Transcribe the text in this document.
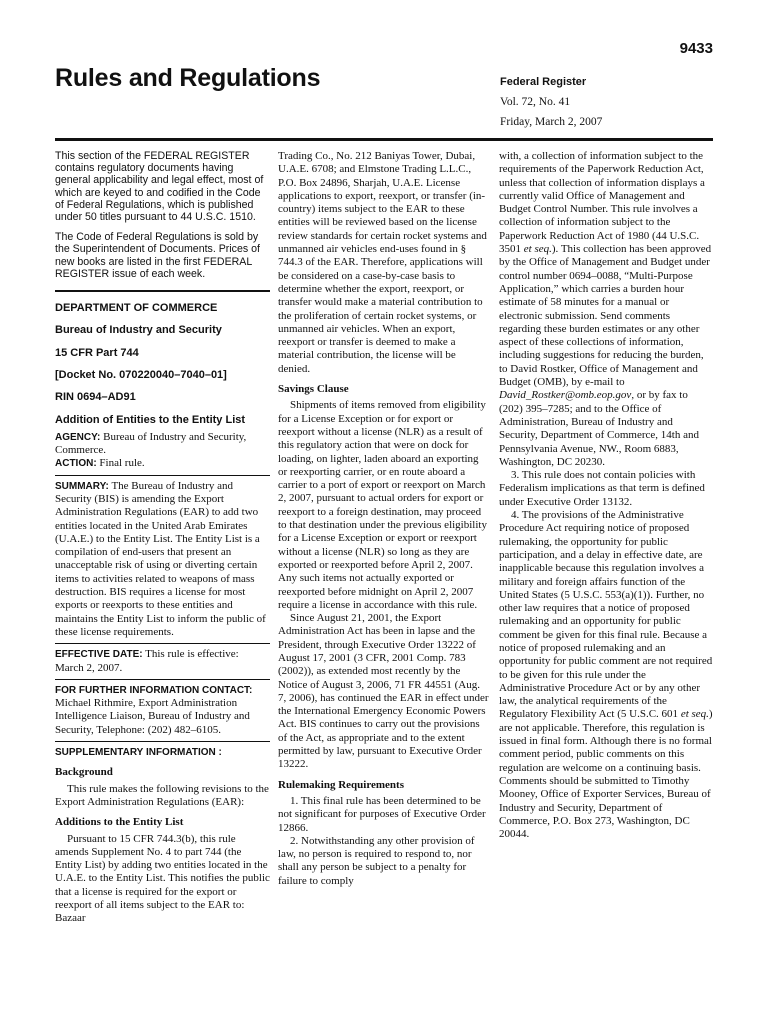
9433
Rules and Regulations	Federal Register
Vol. 72, No. 41
Friday, March 2, 2007

This section of the FEDERAL REGISTER contains regulatory documents having general applicability and legal effect, most of which are keyed to and codified in the Code of Federal Regulations, which is published under 50 titles pursuant to 44 U.S.C. 1510.

The Code of Federal Regulations is sold by the Superintendent of Documents. Prices of new books are listed in the first FEDERAL REGISTER issue of each week.

DEPARTMENT OF COMMERCE

Bureau of Industry and Security

15 CFR Part 744

[Docket No. 070220040–7040–01]

RIN 0694–AD91

Addition of Entities to the Entity List

AGENCY: Bureau of Industry and Security, Commerce.

ACTION: Final rule.

SUMMARY: The Bureau of Industry and Security (BIS) is amending the Export Administration Regulations (EAR) to add two entities located in the United Arab Emirates (U.A.E.) to the Entity List. The Entity List is a compilation of end-users that present an unacceptable risk of using or diverting certain items to activities related to weapons of mass destruction. BIS requires a license for most exports or reexports to these entities and maintains the Entity List to inform the public of these license requirements.

EFFECTIVE DATE: This rule is effective: March 2, 2007.

FOR FURTHER INFORMATION CONTACT:

Michael Rithmire, Export Administration Intelligence Liaison, Bureau of Industry and Security, Telephone: (202) 482–6105.

SUPPLEMENTARY INFORMATION :

Background

This rule makes the following revisions to the Export Administration Regulations (EAR):

Additions to the Entity List

Pursuant to 15 CFR 744.3(b), this rule amends Supplement No. 4 to part 744 (the Entity List) by adding two entities located in the U.A.E. to the Entity List. This notifies the public that a license is required for the export or reexport of all items subject to the EAR to: Bazaar

Trading Co., No. 212 Baniyas Tower, Dubai, U.A.E. 6708; and Elmstone Trading L.L.C., P.O. Box 24896, Sharjah, U.A.E. License applications to export, reexport, or transfer (in-country) items subject to the EAR to these entities will be reviewed based on the license review standards for certain rocket systems and unmanned air vehicles end-uses found in § 744.3 of the EAR. Therefore, applications will be considered on a case-by-case basis to determine whether the export, reexport, or transfer would make a material contribution to the proliferation of certain rocket systems, or unmanned air vehicles. When an export, reexport or transfer is deemed to make a material contribution, the license will be denied.

Savings Clause

Shipments of items removed from eligibility for a License Exception or for export or reexport without a license (NLR) as a result of this regulatory action that were on dock for loading, on lighter, laden aboard an exporting or reexporting carrier, or en route aboard a carrier to a port of export or reexport on March 2, 2007, pursuant to actual orders for export or reexport to a foreign destination, may proceed to that destination under the previous eligibility for a License Exception or export or reexport without a license (NLR) so long as they are exported or reexported before April 2, 2007. Any such items not actually exported or reexported before midnight on April 2, 2007 require a license in accordance with this rule.

Since August 21, 2001, the Export Administration Act has been in lapse and the President, through Executive Order 13222 of August 17, 2001 (3 CFR, 2001 Comp. 783 (2002)), as extended most recently by the Notice of August 3, 2006, 71 FR 44551 (Aug. 7, 2006), has continued the EAR in effect under the International Emergency Economic Powers Act. BIS continues to carry out the provisions of the Act, as appropriate and to the extent permitted by law, pursuant to Executive Order 13222.

Rulemaking Requirements

1. This final rule has been determined to be not significant for purposes of Executive Order 12866.

2. Notwithstanding any other provision of law, no person is required to respond to, nor shall any person be subject to a penalty for failure to comply

with, a collection of information subject to the requirements of the Paperwork Reduction Act, unless that collection of information displays a currently valid Office of Management and Budget Control Number. This rule involves a collection of information subject to the Paperwork Reduction Act of 1980 (44 U.S.C. 3501 et seq.). This collection has been approved by the Office of Management and Budget under control number 0694–0088, “Multi-Purpose Application,” which carries a burden hour estimate of 58 minutes for a manual or electronic submission. Send comments regarding these burden estimates or any other aspect of these collections of information, including suggestions for reducing the burden, to David Rostker, Office of Management and Budget (OMB), by e-mail to David_Rostker@omb.eop.gov, or by fax to (202) 395–7285; and to the Office of Administration, Bureau of Industry and Security, Department of Commerce, 14th and Pennsylvania Avenue, NW., Room 6883, Washington, DC 20230.

3. This rule does not contain policies with Federalism implications as that term is defined under Executive Order 13132.

4. The provisions of the Administrative Procedure Act requiring notice of proposed rulemaking, the opportunity for public participation, and a delay in effective date, are inapplicable because this regulation involves a military and foreign affairs function of the United States (5 U.S.C. 553(a)(1)). Further, no other law requires that a notice of proposed rulemaking and an opportunity for public comment be given for this final rule. Because a notice of proposed rulemaking and an opportunity for public comment are not required to be given for this rule under the Administrative Procedure Act or by any other law, the analytical requirements of the Regulatory Flexibility Act (5 U.S.C. 601 et seq.) are not applicable. Therefore, this regulation is issued in final form. Although there is no formal comment period, public comments on this regulation are welcome on a continuing basis. Comments should be submitted to Timothy Mooney, Office of Exporter Services, Bureau of Industry and Security, Department of Commerce, P.O. Box 273, Washington, DC 20044.
